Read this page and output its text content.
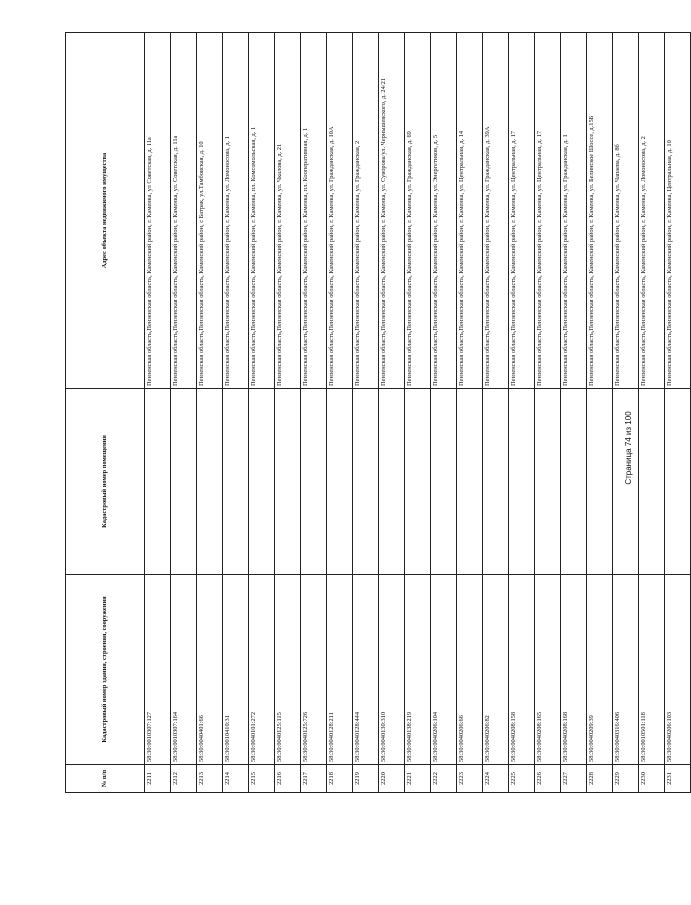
№ п/п	Кадастровый номер здания, строения, сооружения	Кадастровый номер помещения	Адрес объекта недвижимого имущества
2211	58:30:0010307:127		Пензенская область,Пензенская область, Каменский район, г. Каменка, ул Советская, д. 11а
2212	58:30:0010307:164		Пензенская область,Пензенская область, Каменский район, г. Каменка, ул. Советская, д. 11а
2213	58:30:0040401:66		Пензенская область,Пензенская область, Каменский район, с Батрак, ул.Тамбовская, д. 10
2214	58:30:0010410:31		Пензенская область,Пензенская область, Каменский район, г. Каменка, ул. Ломоносова, д. 1
2215	58:30:0040101:272		Пензенская область,Пензенская область, Каменский район, г. Каменка, пл. Комсомольская, д. 1
2216	58:30:0040125:115		Пензенская область,Пензенская область, Каменский район, г. Каменка, ул. Чкалова, д. 21
2217	58:30:0040125:726		Пензенская область,Пензенская область, Каменский район, г. Каменка, пл. Кооперативная, д. 1
2218	58:30:0040128:211		Пензенская область,Пензенская область, Каменский район, г. Каменка, ул. Гражданская, д. 10А
2219	58:30:0040128:444		Пензенская область,Пензенская область, Каменский район, г. Каменка, ул. Гражданская, 2
2220	58:30:0040130:310		Пензенская область,Пензенская область, Каменский район, г. Каменка, ул. Суворова/ул. Чернышевского, д. 24/21
2221	58:30:0040138:219		Пензенская область,Пензенская область, Каменский район, г. Каменка, ул. Гражданская, д. 69
2222	58:30:0040206:104		Пензенская область,Пензенская область, Каменский район, г. Каменка, ул. Энергетиков, д. 5
2223	58:30:0040206:66		Пензенская область,Пензенская область, Каменский район, г. Каменка, ул. Центральная, д. 14
2224	58:30:0040206:82		Пензенская область,Пензенская область, Каменский район, г. Каменка, ул. Гражданская, д. 39А
2225	58:30:0040208:158		Пензенская область,Пензенская область, Каменский район, г. Каменка, ул. Центральная, д. 17
2226	58:30:0040208:165		Пензенская область,Пензенская область, Каменский район, г. Каменка, ул. Центральная, д. 17
2227	58:30:0040208:168		Пензенская область,Пензенская область, Каменский район, г. Каменка, ул. Гражданская, д. 1
2228	58:30:0040209:39		Пензенская область,Пензенская область, Каменский район, г. Каменка, ул. Белинское Шоссе, д.15Б
2229	58:30:0040316:406		Пензенская область,Пензенская область, Каменский район, г. Каменка, ул. Чапаева, д. 8б
2230	58:30:0010501:118		Пензенская область,Пензенская область, Каменский район, г. Каменка, ул. Ломоносова, д. 2
2231	58:30:0040206:103		Пензенская область,Пензенская область, Каменский район, г. Каменка, Центральная, д. 10
Страница 74 из 100
